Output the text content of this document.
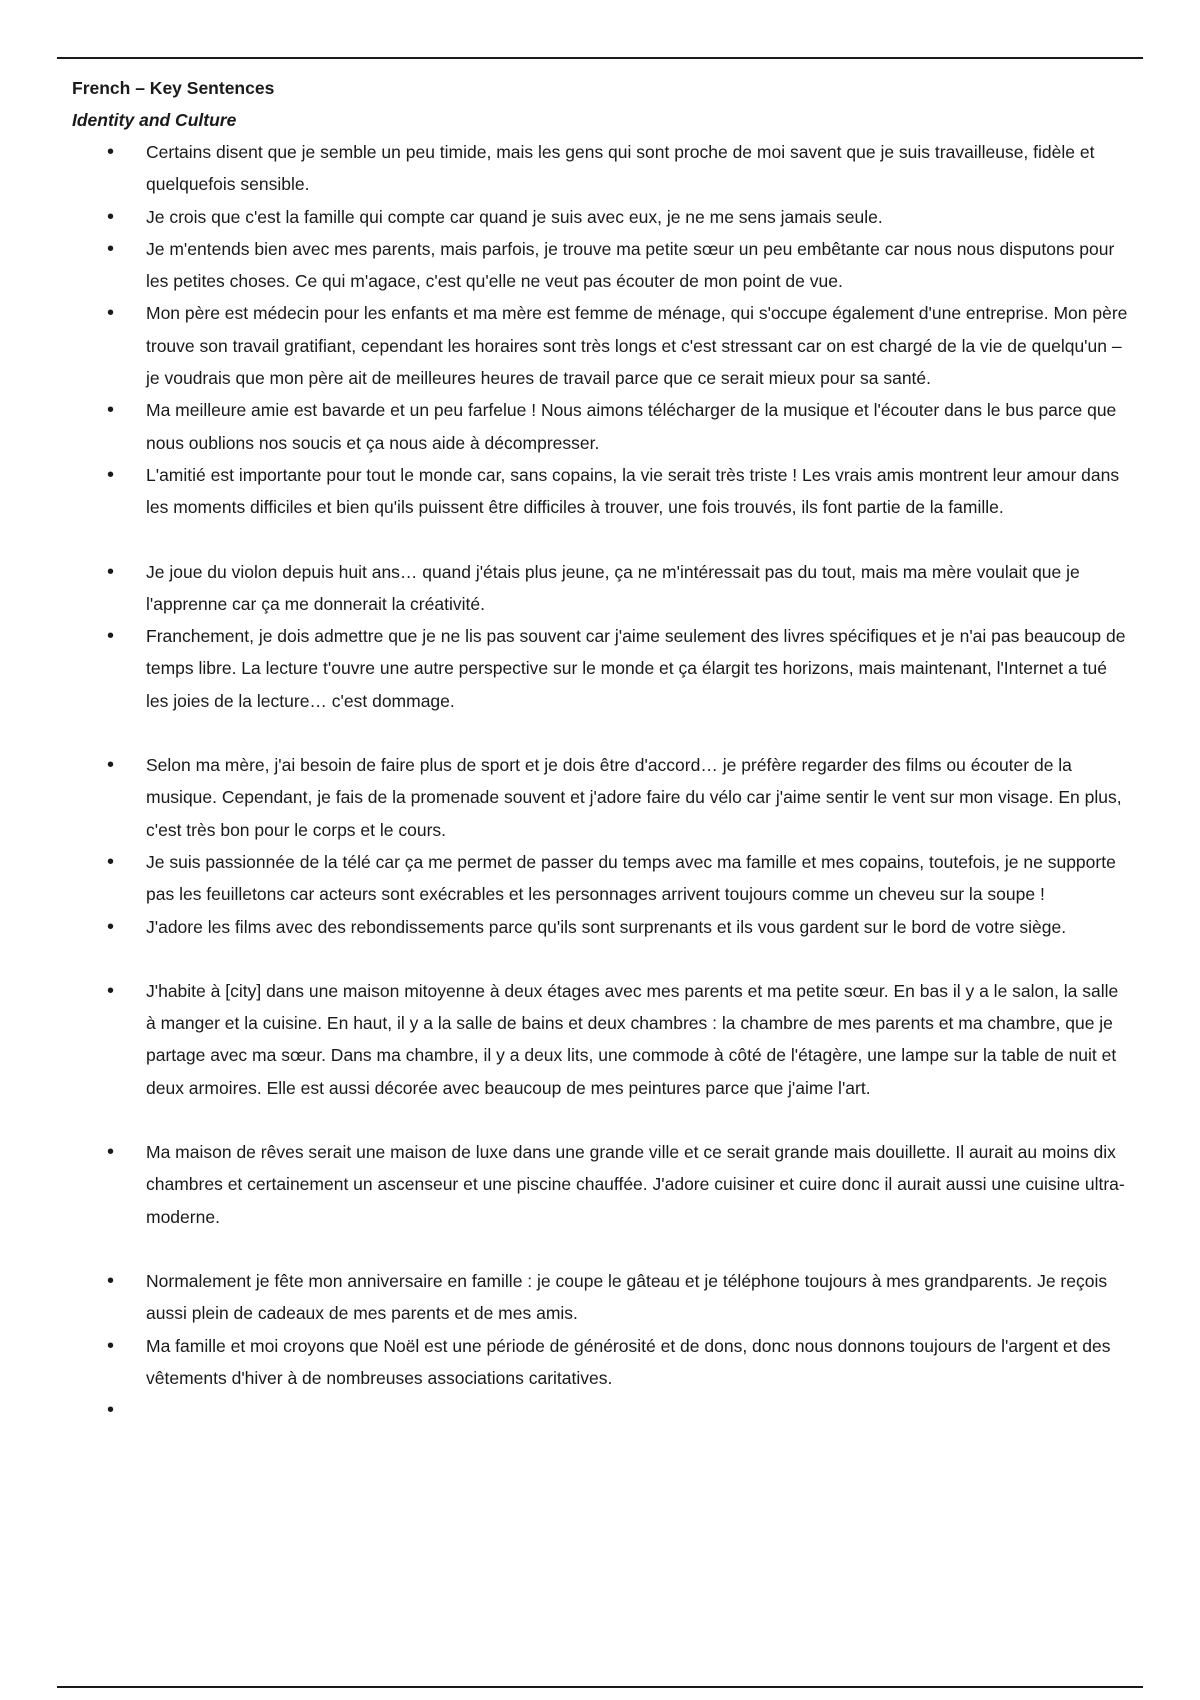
French – Key Sentences

Identity and Culture

• Certains disent que je semble un peu timide, mais les gens qui sont proche de moi savent que je suis travailleuse, fidèle et quelquefois sensible.
• Je crois que c'est la famille qui compte car quand je suis avec eux, je ne me sens jamais seule.
• Je m'entends bien avec mes parents, mais parfois, je trouve ma petite sœur un peu embêtante car nous nous disputons pour les petites choses. Ce qui m'agace, c'est qu'elle ne veut pas écouter de mon point de vue.
• Mon père est médecin pour les enfants et ma mère est femme de ménage, qui s'occupe également d'une entreprise. Mon père trouve son travail gratifiant, cependant les horaires sont très longs et c'est stressant car on est chargé de la vie de quelqu'un – je voudrais que mon père ait de meilleures heures de travail parce que ce serait mieux pour sa santé.
• Ma meilleure amie est bavarde et un peu farfelue ! Nous aimons télécharger de la musique et l'écouter dans le bus parce que nous oublions nos soucis et ça nous aide à décompresser.
• L'amitié est importante pour tout le monde car, sans copains, la vie serait très triste ! Les vrais amis montrent leur amour dans les moments difficiles et bien qu'ils puissent être difficiles à trouver, une fois trouvés, ils font partie de la famille.
• Je joue du violon depuis huit ans… quand j'étais plus jeune, ça ne m'intéressait pas du tout, mais ma mère voulait que je l'apprenne car ça me donnerait la créativité.
• Franchement, je dois admettre que je ne lis pas souvent car j'aime seulement des livres spécifiques et je n'ai pas beaucoup de temps libre. La lecture t'ouvre une autre perspective sur le monde et ça élargit tes horizons, mais maintenant, l'Internet a tué les joies de la lecture… c'est dommage.
• Selon ma mère, j'ai besoin de faire plus de sport et je dois être d'accord… je préfère regarder des films ou écouter de la musique. Cependant, je fais de la promenade souvent et j'adore faire du vélo car j'aime sentir le vent sur mon visage. En plus, c'est très bon pour le corps et le cours.
• Je suis passionnée de la télé car ça me permet de passer du temps avec ma famille et mes copains, toutefois, je ne supporte pas les feuilletons car acteurs sont exécrables et les personnages arrivent toujours comme un cheveu sur la soupe !
• J'adore les films avec des rebondissements parce qu'ils sont surprenants et ils vous gardent sur le bord de votre siège.
• J'habite à [city] dans une maison mitoyenne à deux étages avec mes parents et ma petite sœur. En bas il y a le salon, la salle à manger et la cuisine. En haut, il y a la salle de bains et deux chambres : la chambre de mes parents et ma chambre, que je partage avec ma sœur. Dans ma chambre, il y a deux lits, une commode à côté de l'étagère, une lampe sur la table de nuit et deux armoires. Elle est aussi décorée avec beaucoup de mes peintures parce que j'aime l'art.
• Ma maison de rêves serait une maison de luxe dans une grande ville et ce serait grande mais douillette. Il aurait au moins dix chambres et certainement un ascenseur et une piscine chauffée. J'adore cuisiner et cuire donc il aurait aussi une cuisine ultra-moderne.
• Normalement je fête mon anniversaire en famille : je coupe le gâteau et je téléphone toujours à mes grandparents. Je reçois aussi plein de cadeaux de mes parents et de mes amis.
• Ma famille et moi croyons que Noël est une période de générosité et de dons, donc nous donnons toujours de l'argent et des vêtements d'hiver à de nombreuses associations caritatives.
•
